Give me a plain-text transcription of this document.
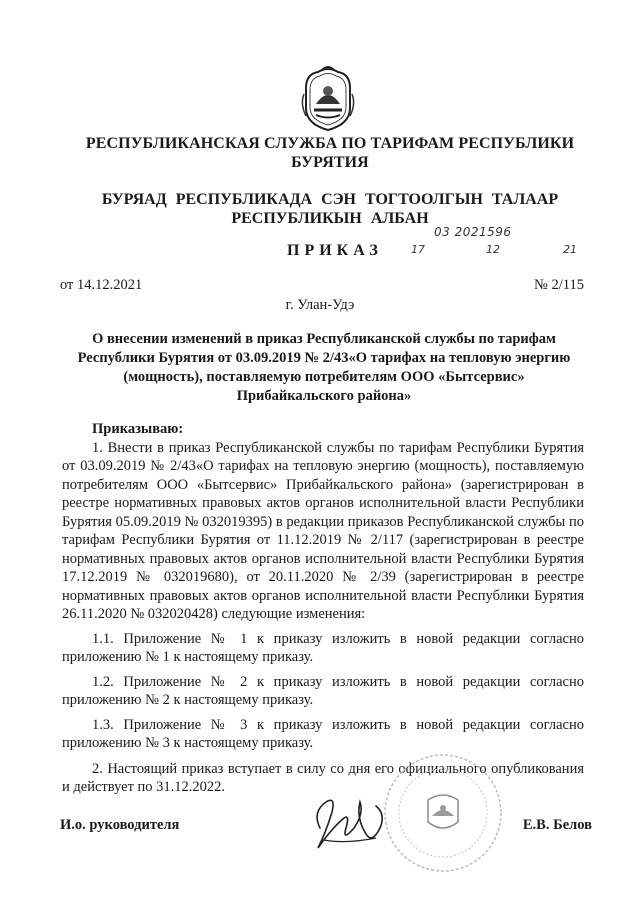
РЕСПУБЛИКАНСКАЯ СЛУЖБА ПО ТАРИФАМ РЕСПУБЛИКИ БУРЯТИЯ
БУРЯАД РЕСПУБЛИКАДА СЭН ТОГТООЛГЫН ТАЛААР РЕСПУБЛИКЫН АЛБАН
03 2021596
ПРИКАЗ	17	12	21
от 14.12.2021	№ 2/115
г. Улан-Удэ
О внесении изменений в приказ Республиканской службы по тарифам Республики Бурятия от 03.09.2019 № 2/43«О тарифах на тепловую энергию (мощность), поставляемую потребителям ООО «Бытсервис» Прибайкальского района»

Приказываю:

1. Внести в приказ Республиканской службы по тарифам Республики Бурятия от 03.09.2019 № 2/43«О тарифах на тепловую энергию (мощность), поставляемую потребителям ООО «Бытсервис» Прибайкальского района» (зарегистрирован в реестре нормативных правовых актов органов исполнительной власти Республики Бурятия 05.09.2019 № 032019395) в редакции приказов Республиканской службы по тарифам Республики Бурятия от 11.12.2019 № 2/117 (зарегистрирован в реестре нормативных правовых актов органов исполнительной власти Республики Бурятия 17.12.2019 № 032019680), от 20.11.2020 № 2/39 (зарегистрирован в реестре нормативных правовых актов органов исполнительной власти Республики Бурятия 26.11.2020 № 032020428) следующие изменения:

1.1. Приложение № 1 к приказу изложить в новой редакции согласно приложению № 1 к настоящему приказу.

1.2. Приложение № 2 к приказу изложить в новой редакции согласно приложению № 2 к настоящему приказу.

1.3. Приложение № 3 к приказу изложить в новой редакции согласно приложению № 3 к настоящему приказу.

2. Настоящий приказ вступает в силу со дня его официального опубликования и действует по 31.12.2022.

И.о. руководителя	Е.В. Белов
